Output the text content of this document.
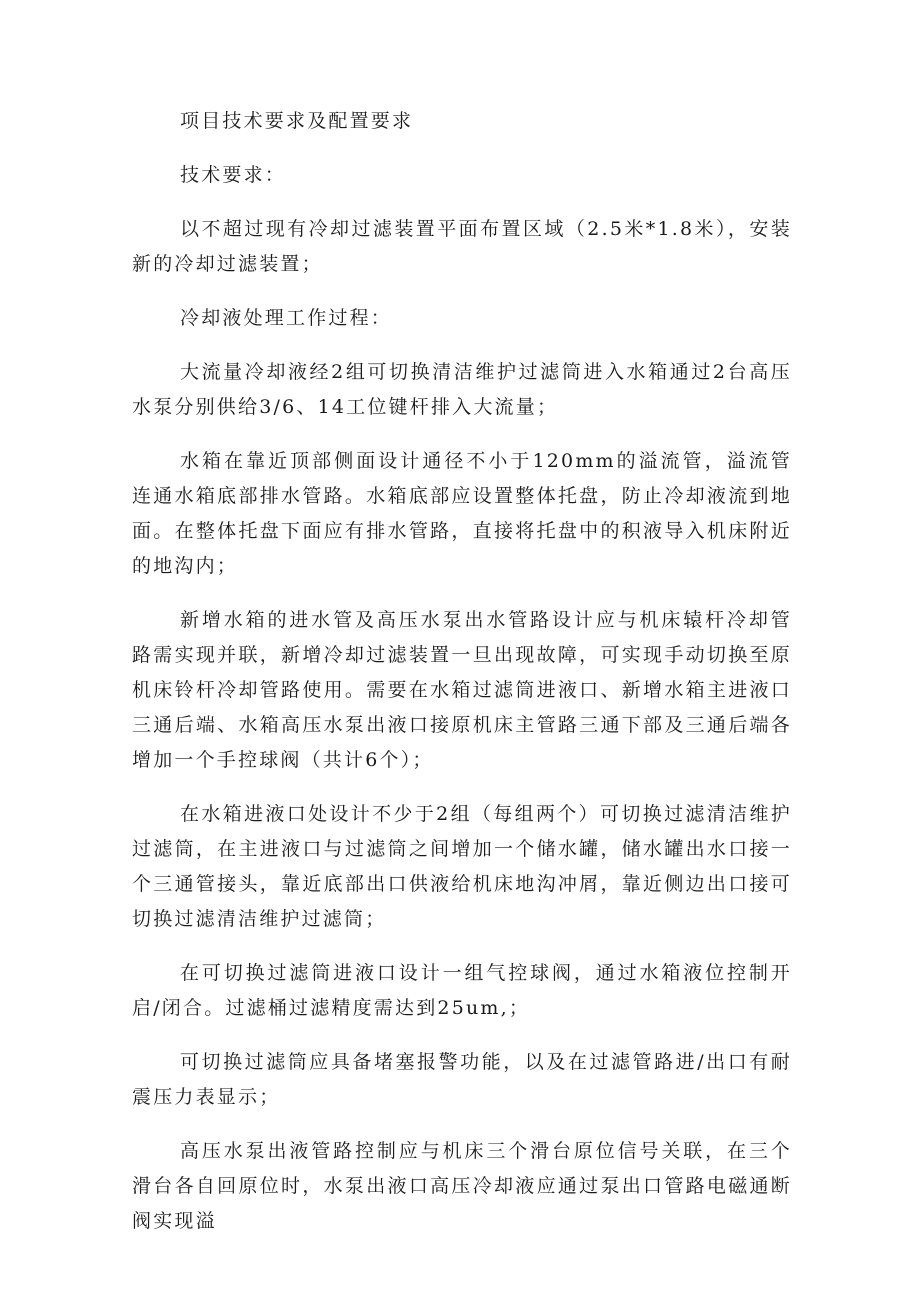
项目技术要求及配置要求

技术要求：

以不超过现有冷却过滤装置平面布置区域（2.5米*1.8米），安装新的冷却过滤装置；

冷却液处理工作过程：

大流量冷却液经2组可切换清洁维护过滤筒进入水箱通过2台高压水泵分别供给3/6、14工位键杆排入大流量；

水箱在靠近顶部侧面设计通径不小于120mm的溢流管，溢流管连通水箱底部排水管路。水箱底部应设置整体托盘，防止冷却液流到地面。在整体托盘下面应有排水管路，直接将托盘中的积液导入机床附近的地沟内；

新增水箱的进水管及高压水泵出水管路设计应与机床辕杆冷却管路需实现并联，新增冷却过滤装置一旦出现故障，可实现手动切换至原机床铃杆冷却管路使用。需要在水箱过滤筒进液口、新增水箱主进液口三通后端、水箱高压水泵出液口接原机床主管路三通下部及三通后端各增加一个手控球阀（共计6个）；

在水箱进液口处设计不少于2组（每组两个）可切换过滤清洁维护过滤筒，在主进液口与过滤筒之间增加一个储水罐，储水罐出水口接一个三通管接头，靠近底部出口供液给机床地沟冲屑，靠近侧边出口接可切换过滤清洁维护过滤筒；

在可切换过滤筒进液口设计一组气控球阀，通过水箱液位控制开启/闭合。过滤桶过滤精度需达到25um,；

可切换过滤筒应具备堵塞报警功能，以及在过滤管路进/出口有耐震压力表显示；

高压水泵出液管路控制应与机床三个滑台原位信号关联，在三个滑台各自回原位时，水泵出液口高压冷却液应通过泵出口管路电磁通断阀实现溢
